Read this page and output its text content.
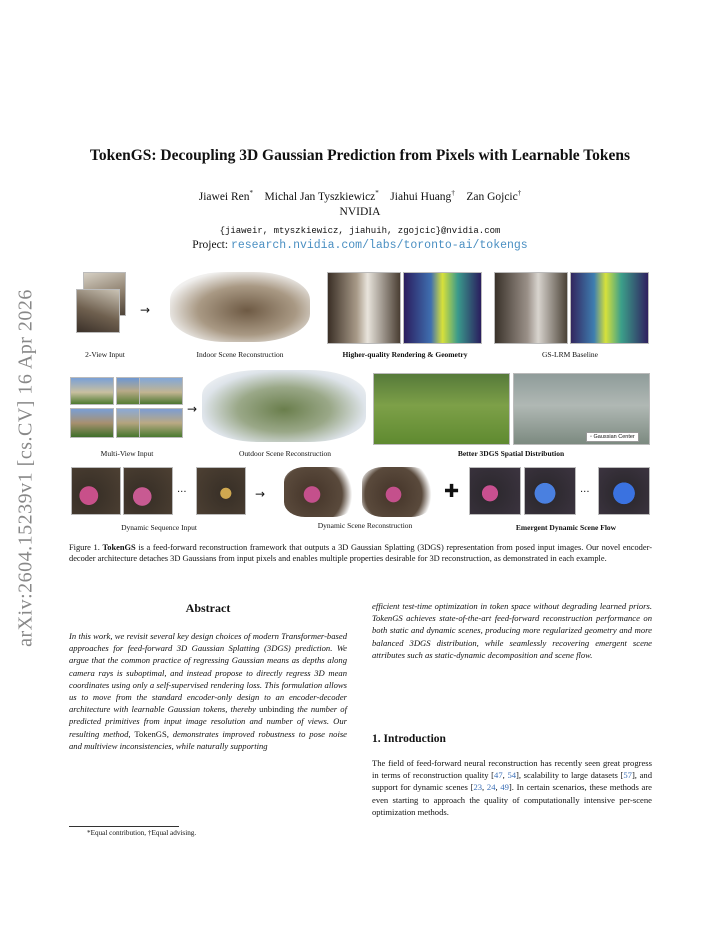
arXiv:2604.15239v1 [cs.CV] 16 Apr 2026
TokenGS: Decoupling 3D Gaussian Prediction from Pixels with Learnable Tokens
Jiawei Ren* Michal Jan Tyszkiewicz* Jiahui Huang† Zan Gojcic†
NVIDIA
{jiaweir, mtyszkiewicz, jiahuih, zgojcic}@nvidia.com
Project: research.nvidia.com/labs/toronto-ai/tokengs
→
2-View Input	Indoor Scene Reconstruction	Higher-quality Rendering & Geometry	GS-LRM Baseline
→
◦ Gaussian Center
Multi-View Input	Outdoor Scene Reconstruction	Better 3DGS Spatial Distribution
···	→	✚	···
Dynamic Sequence Input	Dynamic Scene Reconstruction	Emergent Dynamic Scene Flow
Figure 1. TokenGS is a feed-forward reconstruction framework that outputs a 3D Gaussian Splatting (3DGS) representation from posed input images. Our novel encoder-decoder architecture detaches 3D Gaussians from input pixels and enables multiple properties desirable for 3D reconstruction, as demonstrated in each example.
Abstract
In this work, we revisit several key design choices of modern Transformer-based approaches for feed-forward 3D Gaussian Splatting (3DGS) prediction. We argue that the common practice of regressing Gaussian means as depths along camera rays is suboptimal, and instead propose to directly regress 3D mean coordinates using only a self-supervised rendering loss. This formulation allows us to move from the standard encoder-only design to an encoder-decoder architecture with learnable Gaussian tokens, thereby unbinding the number of predicted primitives from input image resolution and number of views. Our resulting method, TokenGS, demonstrates improved robustness to pose noise and multiview inconsistencies, while naturally supporting
efficient test-time optimization in token space without degrading learned priors. TokenGS achieves state-of-the-art feed-forward reconstruction performance on both static and dynamic scenes, producing more regularized geometry and more balanced 3DGS distribution, while seamlessly recovering emergent scene attributes such as static-dynamic decomposition and scene flow.
1. Introduction
The field of feed-forward neural reconstruction has recently seen great progress in terms of reconstruction quality [47, 54], scalability to large datasets [57], and support for dynamic scenes [23, 24, 49]. In certain scenarios, these methods are even starting to approach the quality of computationally intensive per-scene optimization methods.
*Equal contribution, †Equal advising.
